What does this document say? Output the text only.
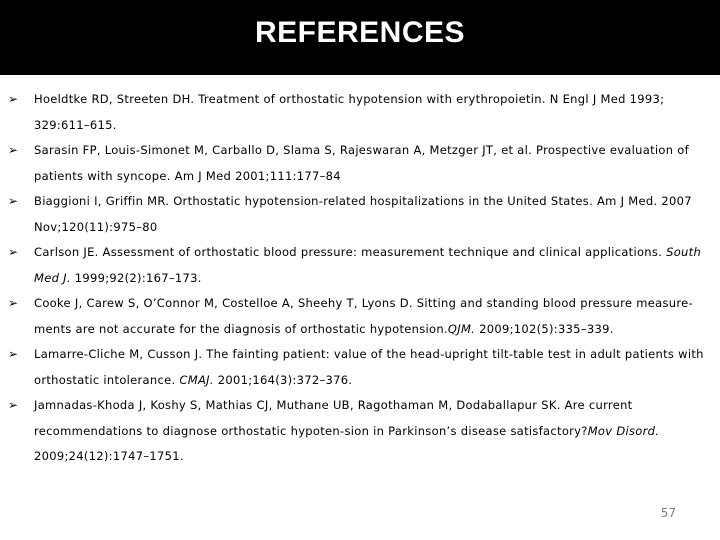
REFERENCES
➢	Hoeldtke RD, Streeten DH. Treatment of orthostatic hypotension with erythropoietin. N Engl J Med 1993; 329:611–615.
➢	Sarasin FP, Louis-Simonet M, Carballo D, Slama S, Rajeswaran A, Metzger JT, et al. Prospective evaluation of patients with syncope. Am J Med 2001;111:177–84
➢	Biaggioni I, Griffin MR. Orthostatic hypotension-related hospitalizations in the United States. Am J Med. 2007 Nov;120(11):975–80
➢	Carlson JE. Assessment of orthostatic blood pressure: measurement technique and clinical applications. South Med J. 1999;92(2):167–173.
➢	Cooke J, Carew S, O’Connor M, Costelloe A, Sheehy T, Lyons D. Sitting and standing blood pressure measure-ments are not accurate for the diagnosis of orthostatic hypotension.QJM. 2009;102(5):335–339.
➢	Lamarre-Cliche M, Cusson J. The fainting patient: value of the head-upright tilt-table test in adult patients with orthostatic intolerance. CMAJ. 2001;164(3):372–376.
➢	Jamnadas-Khoda J, Koshy S, Mathias CJ, Muthane UB, Ragothaman M, Dodaballapur SK. Are current recommendations to diagnose orthostatic hypoten-sion in Parkinson’s disease satisfactory?Mov Disord. 2009;24(12):1747–1751.
57
